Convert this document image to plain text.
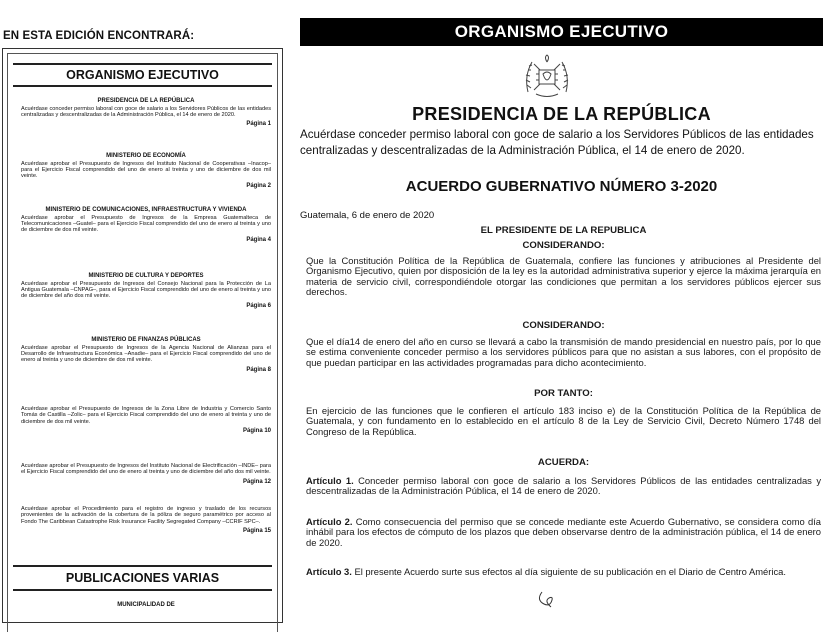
EN ESTA EDICIÓN ENCONTRARÁ:
ORGANISMO EJECUTIVO
PRESIDENCIA DE LA REPÚBLICA
Acuérdase conceder permiso laboral con goce de salario a los Servidores Públicos de las entidades centralizadas y descentralizadas de la Administración Pública, el 14 de enero de 2020.
Página 1
MINISTERIO DE ECONOMÍA
Acuérdase aprobar el Presupuesto de Ingresos del Instituto Nacional de Cooperativas –Inacop– para el Ejercicio Fiscal comprendido del uno de enero al treinta y uno de diciembre de dos mil veinte.
Página 2
MINISTERIO DE COMUNICACIONES, INFRAESTRUCTURA Y VIVIENDA
Acuérdase aprobar el Presupuesto de Ingresos de la Empresa Guatemalteca de Telecomunicaciones –Guatel– para el Ejercicio Fiscal comprendido del uno de enero al treinta y uno de diciembre de dos mil veinte.
Página 4
MINISTERIO DE CULTURA Y DEPORTES
Acuérdase aprobar el Presupuesto de Ingresos del Consejo Nacional para la Protección de La Antigua Guatemala –CNPAG–, para el Ejercicio Fiscal comprendido del uno de enero al treinta y uno de diciembre del año dos mil veinte.
Página 6
MINISTERIO DE FINANZAS PÚBLICAS
Acuérdase aprobar el Presupuesto de Ingresos de la Agencia Nacional de Alianzas para el Desarrollo de Infraestructura Económica –Anadie– para el Ejercicio Fiscal comprendido del uno de enero al treinta y uno de diciembre de dos mil veinte.
Página 8
Acuérdase aprobar el Presupuesto de Ingresos de la Zona Libre de Industria y Comercio Santo Tomás de Castilla –Zolic– para el Ejercicio Fiscal comprendido del uno de enero al treinta y uno de diciembre de dos mil veinte.
Página 10
Acuérdase aprobar el Presupuesto de Ingresos del Instituto Nacional de Electrificación –INDE– para el Ejercicio Fiscal comprendido del uno de enero al treinta y uno de diciembre del año dos mil veinte.
Página 12
Acuérdase aprobar el Procedimiento para el registro de ingreso y traslado de los recursos provenientes de la activación de la cobertura de la póliza de seguro paramétrico por acceso al Fondo The Caribbean Catastrophe Risk Insurance Facility Segregated Company –CCRIF SPC–.
Página 15
PUBLICACIONES VARIAS
MUNICIPALIDAD DE
ORGANISMO EJECUTIVO
PRESIDENCIA DE LA REPÚBLICA
Acuérdase conceder permiso laboral con goce de salario a los Servidores Públicos de las entidades centralizadas y descentralizadas de la Administración Pública, el 14 de enero de 2020.
ACUERDO GUBERNATIVO NÚMERO 3-2020
Guatemala, 6 de enero de 2020
EL PRESIDENTE DE LA REPUBLICA
CONSIDERANDO:
Que la Constitución Política de la República de Guatemala, confiere las funciones y atribuciones al Presidente del Organismo Ejecutivo, quien por disposición de la ley es la autoridad administrativa superior y ejerce la máxima jerarquía en materia de servicio civil, correspondiéndole otorgar las condiciones que permitan a los servidores públicos ejercer sus derechos.
CONSIDERANDO:
Que el día14 de enero del año en curso se llevará a cabo la transmisión de mando presidencial en nuestro país, por lo que se estima conveniente conceder permiso a los servidores públicos para que no asistan a sus labores, con el propósito de que puedan participar en las actividades programadas para dicho acontecimiento.
POR TANTO:
En ejercicio de las funciones que le confieren el artículo 183 inciso e) de la Constitución Política de la República de Guatemala, y con fundamento en lo establecido en el artículo 8 de la Ley de Servicio Civil, Decreto Número 1748 del Congreso de la República.
ACUERDA:
Artículo 1. Conceder permiso laboral con goce de salario a los Servidores Públicos de las entidades centralizadas y descentralizadas de la Administración Pública, el 14 de enero de 2020.
Artículo 2. Como consecuencia del permiso que se concede mediante este Acuerdo Gubernativo, se considera como día inhábil para los efectos de cómputo de los plazos que deben observarse dentro de la administración pública, el 14 de enero de 2020.
Artículo 3. El presente Acuerdo surte sus efectos al día siguiente de su publicación en el Diario de Centro América.
